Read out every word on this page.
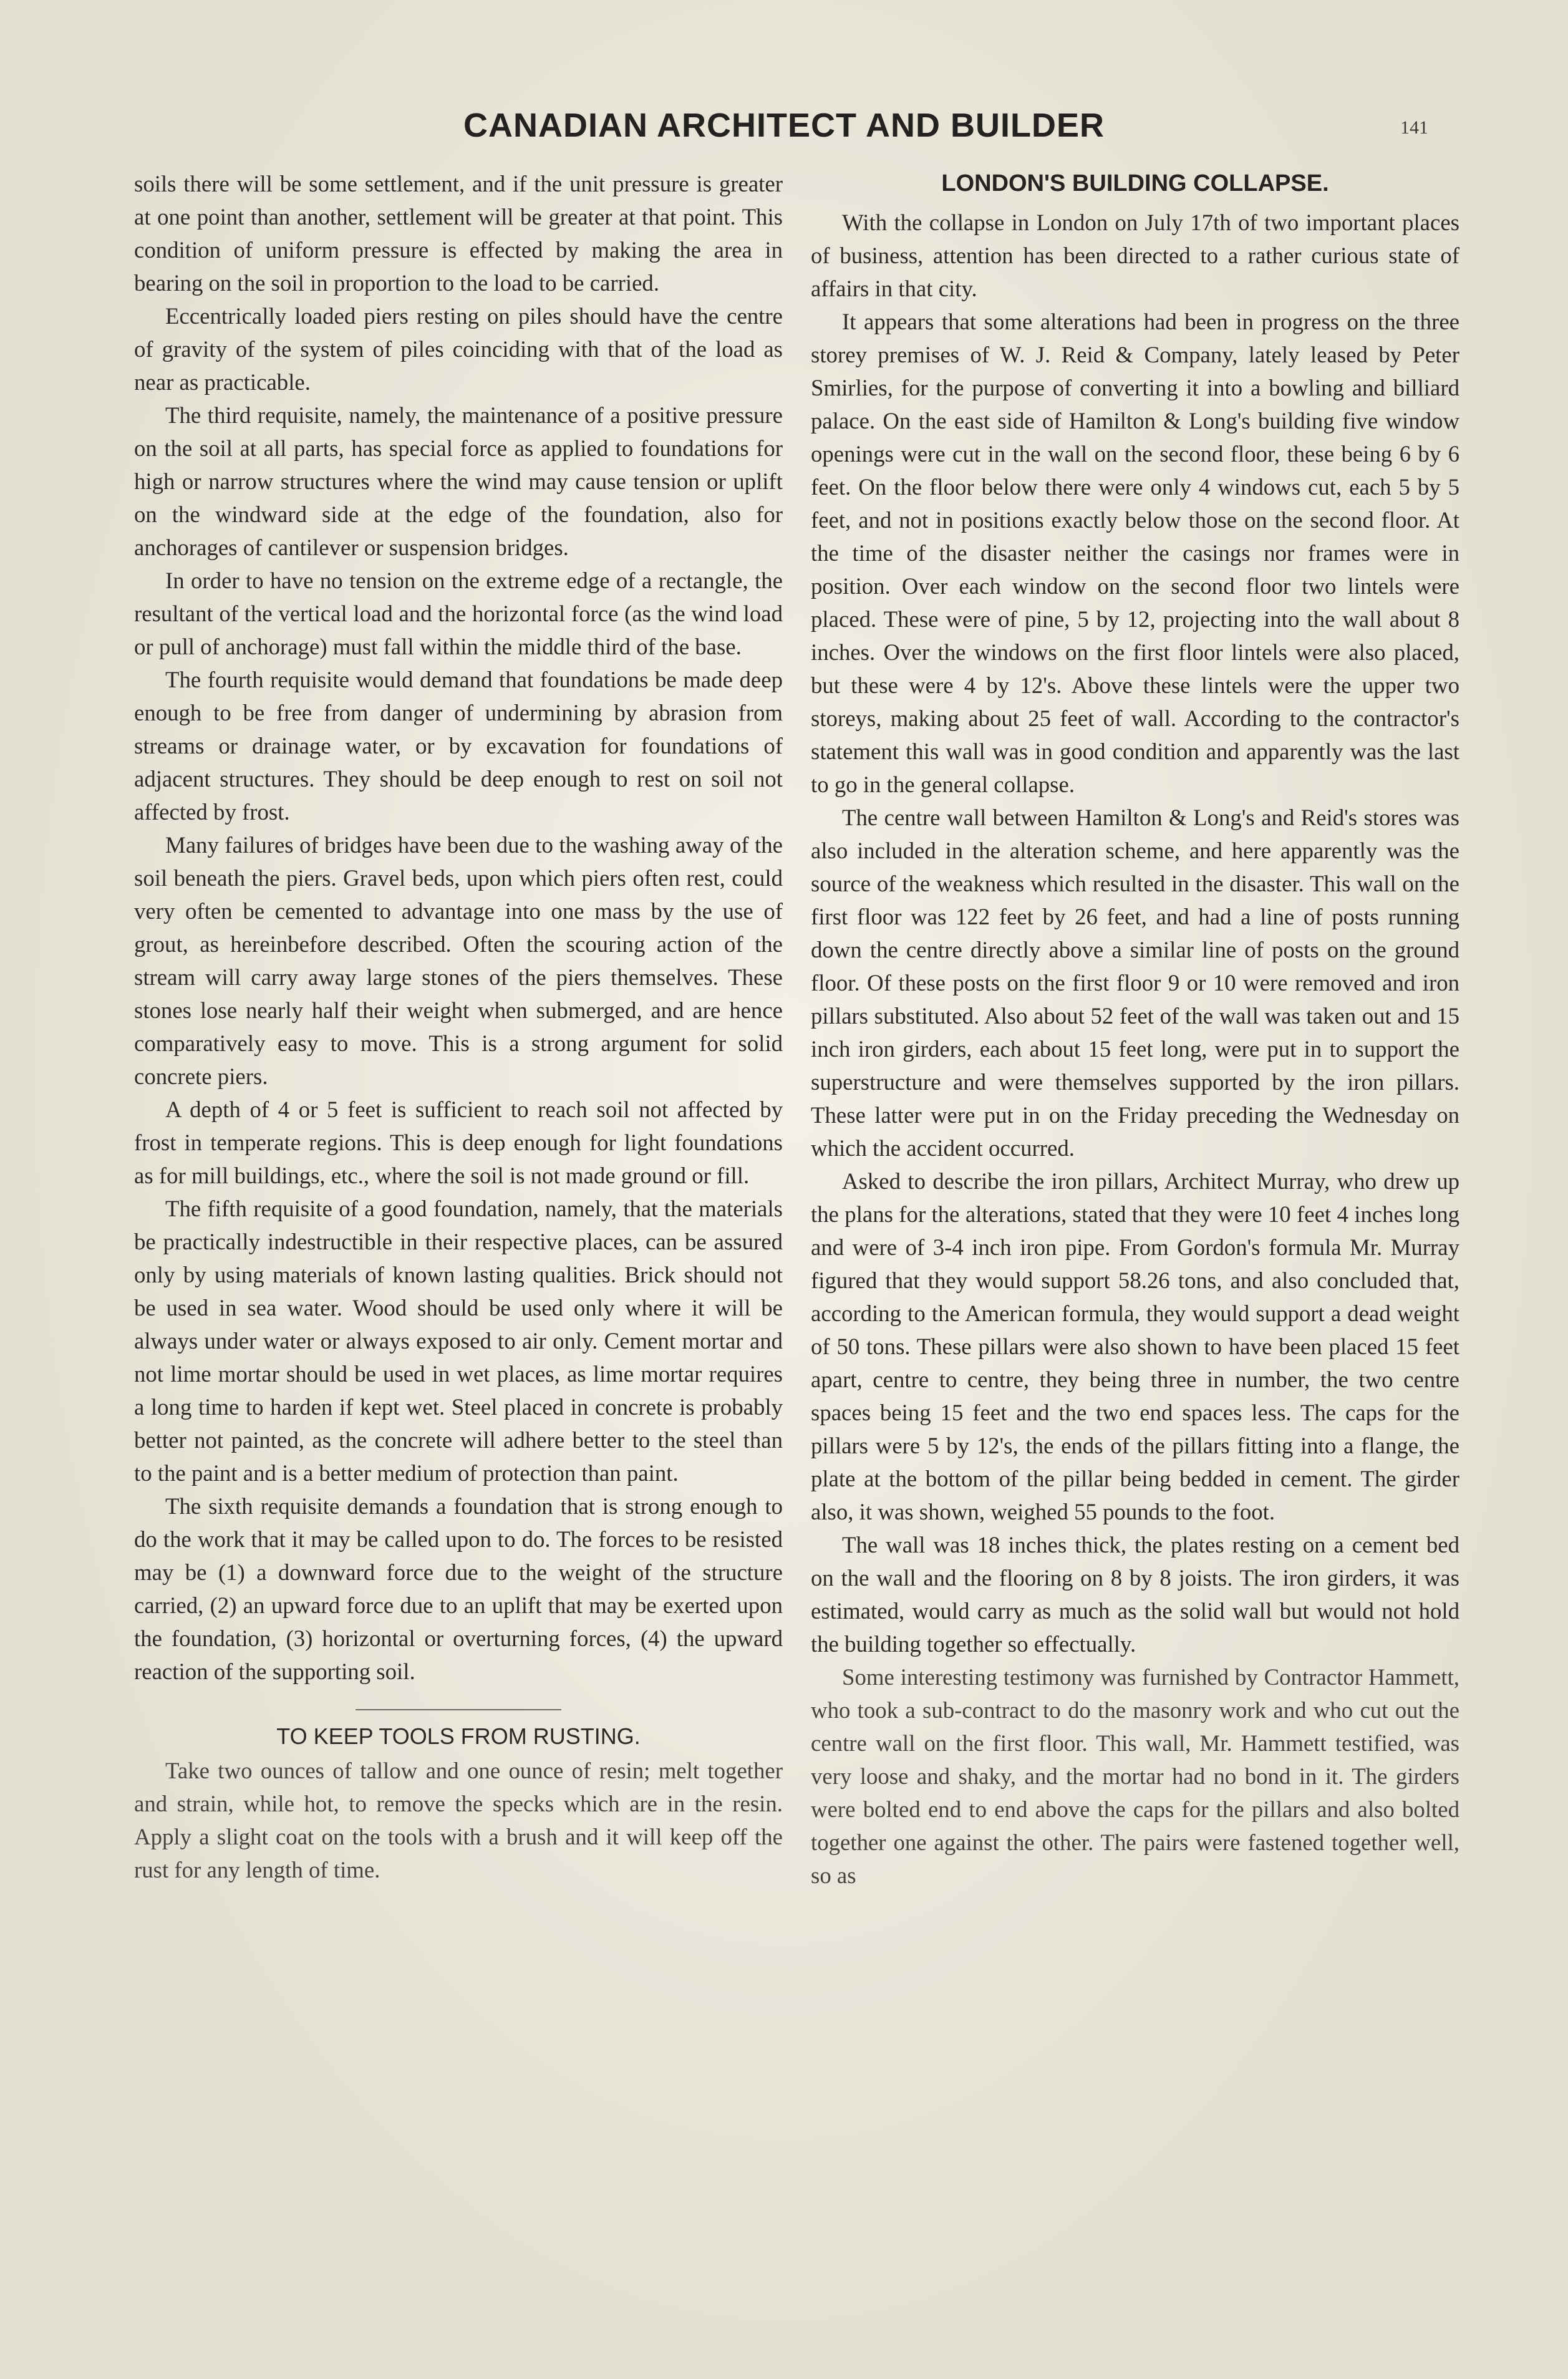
CANADIAN ARCHITECT AND BUILDER	141

soils there will be some settlement, and if the unit pressure is greater at one point than another, settlement will be greater at that point. This condition of uniform pressure is effected by making the area in bearing on the soil in proportion to the load to be carried.

Eccentrically loaded piers resting on piles should have the centre of gravity of the system of piles coinciding with that of the load as near as practicable.

The third requisite, namely, the maintenance of a positive pressure on the soil at all parts, has special force as applied to foundations for high or narrow structures where the wind may cause tension or uplift on the windward side at the edge of the foundation, also for anchorages of cantilever or suspension bridges.

In order to have no tension on the extreme edge of a rectangle, the resultant of the vertical load and the horizontal force (as the wind load or pull of anchorage) must fall within the middle third of the base.

The fourth requisite would demand that foundations be made deep enough to be free from danger of undermining by abrasion from streams or drainage water, or by excavation for foundations of adjacent structures. They should be deep enough to rest on soil not affected by frost.

Many failures of bridges have been due to the washing away of the soil beneath the piers. Gravel beds, upon which piers often rest, could very often be cemented to advantage into one mass by the use of grout, as hereinbefore described. Often the scouring action of the stream will carry away large stones of the piers themselves. These stones lose nearly half their weight when submerged, and are hence comparatively easy to move. This is a strong argument for solid concrete piers.

A depth of 4 or 5 feet is sufficient to reach soil not affected by frost in temperate regions. This is deep enough for light foundations as for mill buildings, etc., where the soil is not made ground or fill.

The fifth requisite of a good foundation, namely, that the materials be practically indestructible in their respective places, can be assured only by using materials of known lasting qualities. Brick should not be used in sea water. Wood should be used only where it will be always under water or always exposed to air only. Cement mortar and not lime mortar should be used in wet places, as lime mortar requires a long time to harden if kept wet. Steel placed in concrete is probably better not painted, as the concrete will adhere better to the steel than to the paint and is a better medium of protection than paint.

The sixth requisite demands a foundation that is strong enough to do the work that it may be called upon to do. The forces to be resisted may be (1) a downward force due to the weight of the structure carried, (2) an upward force due to an uplift that may be exerted upon the foundation, (3) horizontal or overturning forces, (4) the upward reaction of the supporting soil.

TO KEEP TOOLS FROM RUSTING.

Take two ounces of tallow and one ounce of resin; melt together and strain, while hot, to remove the specks which are in the resin. Apply a slight coat on the tools with a brush and it will keep off the rust for any length of time.

LONDON'S BUILDING COLLAPSE.

With the collapse in London on July 17th of two important places of business, attention has been directed to a rather curious state of affairs in that city.

It appears that some alterations had been in progress on the three storey premises of W. J. Reid & Company, lately leased by Peter Smirlies, for the purpose of converting it into a bowling and billiard palace. On the east side of Hamilton & Long's building five window openings were cut in the wall on the second floor, these being 6 by 6 feet. On the floor below there were only 4 windows cut, each 5 by 5 feet, and not in positions exactly below those on the second floor. At the time of the disaster neither the casings nor frames were in position. Over each window on the second floor two lintels were placed. These were of pine, 5 by 12, projecting into the wall about 8 inches. Over the windows on the first floor lintels were also placed, but these were 4 by 12's. Above these lintels were the upper two storeys, making about 25 feet of wall. According to the contractor's statement this wall was in good condition and apparently was the last to go in the general collapse.

The centre wall between Hamilton & Long's and Reid's stores was also included in the alteration scheme, and here apparently was the source of the weakness which resulted in the disaster. This wall on the first floor was 122 feet by 26 feet, and had a line of posts running down the centre directly above a similar line of posts on the ground floor. Of these posts on the first floor 9 or 10 were removed and iron pillars substituted. Also about 52 feet of the wall was taken out and 15 inch iron girders, each about 15 feet long, were put in to support the superstructure and were themselves supported by the iron pillars. These latter were put in on the Friday preceding the Wednesday on which the accident occurred.

Asked to describe the iron pillars, Architect Murray, who drew up the plans for the alterations, stated that they were 10 feet 4 inches long and were of 3-4 inch iron pipe. From Gordon's formula Mr. Murray figured that they would support 58.26 tons, and also concluded that, according to the American formula, they would support a dead weight of 50 tons. These pillars were also shown to have been placed 15 feet apart, centre to centre, they being three in number, the two centre spaces being 15 feet and the two end spaces less. The caps for the pillars were 5 by 12's, the ends of the pillars fitting into a flange, the plate at the bottom of the pillar being bedded in cement. The girder also, it was shown, weighed 55 pounds to the foot.

The wall was 18 inches thick, the plates resting on a cement bed on the wall and the flooring on 8 by 8 joists. The iron girders, it was estimated, would carry as much as the solid wall but would not hold the building together so effectually.

Some interesting testimony was furnished by Contractor Hammett, who took a sub-contract to do the masonry work and who cut out the centre wall on the first floor. This wall, Mr. Hammett testified, was very loose and shaky, and the mortar had no bond in it. The girders were bolted end to end above the caps for the pillars and also bolted together one against the other. The pairs were fastened together well, so as
